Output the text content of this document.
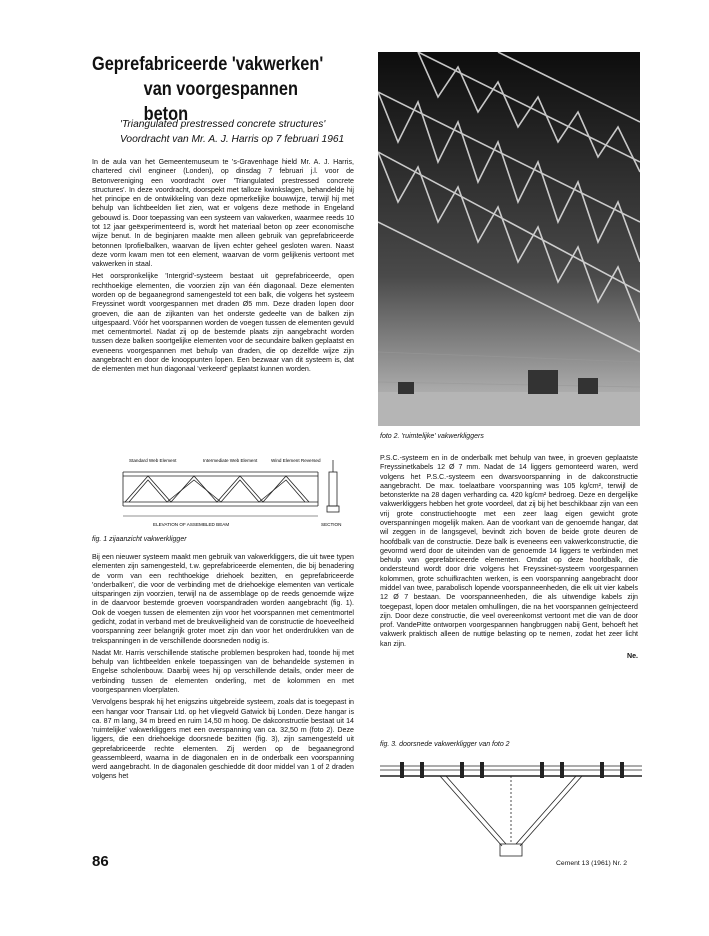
Geprefabriceerde 'vakwerken'
van voorgespannen beton
'Triangulated prestressed concrete structures'
Voordracht van Mr. A. J. Harris op 7 februari 1961

In de aula van het Gemeentemuseum te 's-Gravenhage hield Mr. A. J. Harris, chartered civil engineer (Londen), op dinsdag 7 februari j.l. voor de Betonvereniging een voordracht over 'Triangulated prestressed concrete structures'. In deze voordracht, doorspekt met talloze kwinkslagen, behandelde hij het principe en de ontwikkeling van deze opmerkelijke bouwwijze, terwijl hij met behulp van lichtbeelden liet zien, wat er volgens deze methode in Engeland gebouwd is. Door toepassing van een systeem van vakwerken, waarmee reeds 10 tot 12 jaar geëxperimenteerd is, wordt het materiaal beton op zeer economische wijze benut. In de beginjaren maakte men alleen gebruik van geprefabriceerde betonnen Iprofielbalken, waarvan de lijven echter geheel gesloten waren. Naast deze vorm kwam men tot een element, waarvan de vorm gelijkenis vertoont met vakwerken in staal.

Het oorspronkelijke 'Intergrid'-systeem bestaat uit geprefabriceerde, open rechthoekige elementen, die voorzien zijn van één diagonaal. Deze elementen worden op de begaanegrond samengesteld tot een balk, die volgens het systeem Freyssinet wordt voorgespannen met draden Ø5 mm. Deze draden lopen door groeven, die aan de zijkanten van het onderste gedeelte van de balken zijn uitgespaard. Vóór het voorspannen worden de voegen tussen de elementen gevuld met cementmortel. Nadat zij op de bestemde plaats zijn aangebracht worden tussen deze balken soortgelijke elementen voor de secundaire balken geplaatst en eveneens voorgespannen met behulp van draden, die op dezelfde wijze zijn aangebracht en door de knooppunten lopen. Een bezwaar van dit systeem is, dat de elementen met hun diagonaal 'verkeerd' geplaatst kunnen worden.

Standard Web Element	Intermediate Web Element	Wind Element Reversed
ELEVATION OF ASSEMBLED BEAM	SECTION
fig. 1 zijaanzicht vakwerkligger

Bij een nieuwer systeem maakt men gebruik van vakwerkliggers, die uit twee typen elementen zijn samengesteld, t.w. geprefabriceerde elementen, die bij benadering de vorm van een rechthoekige driehoek bezitten, en geprefabriceerde 'onderbalken', die voor de verbinding met de driehoekige elementen van verticale uitsparingen zijn voorzien, terwijl na de assemblage op de reeds genoemde wijze in de daarvoor bestemde groeven voorspandraden worden aangebracht (fig. 1). Ook de voegen tussen de elementen zijn voor het voorspannen met cementmortel gedicht, zodat in verband met de breukveiligheid van de constructie de hoeveelheid voorspanning zeer belangrijk groter moet zijn dan voor het onderdrukken van de trekspanningen in de verschillende doorsneden nodig is.

Nadat Mr. Harris verschillende statische problemen besproken had, toonde hij met behulp van lichtbeelden enkele toepassingen van de behandelde systemen in Engelse scholenbouw. Daarbij wees hij op verschillende details, onder meer de verbinding tussen de elementen onderling, met de kolommen en met voorgespannen vloerplaten.

Vervolgens besprak hij het enigszins uitgebreide systeem, zoals dat is toegepast in een hangar voor Transair Ltd. op het vliegveld Gatwick bij Londen. Deze hangar is ca. 87 m lang, 34 m breed en ruim 14,50 m hoog. De dakconstructie bestaat uit 14 'ruimtelijke' vakwerkliggers met een overspanning van ca. 32,50 m (foto 2). Deze liggers, die een driehoekige doorsnede bezitten (fig. 3), zijn samengesteld uit geprefabriceerde rechte elementen. Zij werden op de begaanegrond geassembleerd, waarna in de diagonalen en in de onderbalk een voorspanning werd aangebracht. In de diagonalen geschiedde dit door middel van 1 of 2 draden volgens het

foto 2. 'ruimtelijke' vakwerkliggers

P.S.C.-systeem en in de onderbalk met behulp van twee, in groeven geplaatste Freyssinetkabels 12 Ø 7 mm. Nadat de 14 liggers gemonteerd waren, werd volgens het P.S.C.-systeem een dwarsvoorspanning in de dakconstructie aangebracht. De max. toelaatbare voorspanning was 105 kg/cm², terwijl de betonsterkte na 28 dagen verharding ca. 420 kg/cm² bedroeg. Deze en dergelijke vakwerkliggers hebben het grote voordeel, dat zij bij het beschikbaar zijn van een vrij grote constructiehoogte met een zeer laag eigen gewicht grote overspanningen mogelijk maken. Aan de voorkant van de genoemde hangar, dat wil zeggen in de langsgevel, bevindt zich boven de beide grote deuren de hoofdbalk van de constructie. Deze balk is eveneens een vakwerkconstructie, die gevormd werd door de uiteinden van de genoemde 14 liggers te verbinden met behulp van geprefabriceerde elementen. Omdat op deze hoofdbalk, die ondersteund wordt door drie volgens het Freyssinet-systeem voorgespannen kolommen, grote schuifkrachten werken, is een voorspanning aangebracht door middel van twee, parabolisch lopende voorspanneenheden, die elk uit vier kabels 12 Ø 7 bestaan. De voorspanneenheden, die als uitwendige kabels zijn toegepast, lopen door metalen omhullingen, die na het voorspannen geïnjecteerd zijn. Door deze constructie, die veel overeenkomst vertoont met die van de door prof. VandePitte ontworpen voorgespannen hangbruggen nabij Gent, behoeft het vakwerk praktisch alleen de nuttige belasting op te nemen, zodat het zeer licht kan zijn.

Ne.
fig. 3. doorsnede vakwerkligger van foto 2
86	Cement 13 (1961) Nr. 2
